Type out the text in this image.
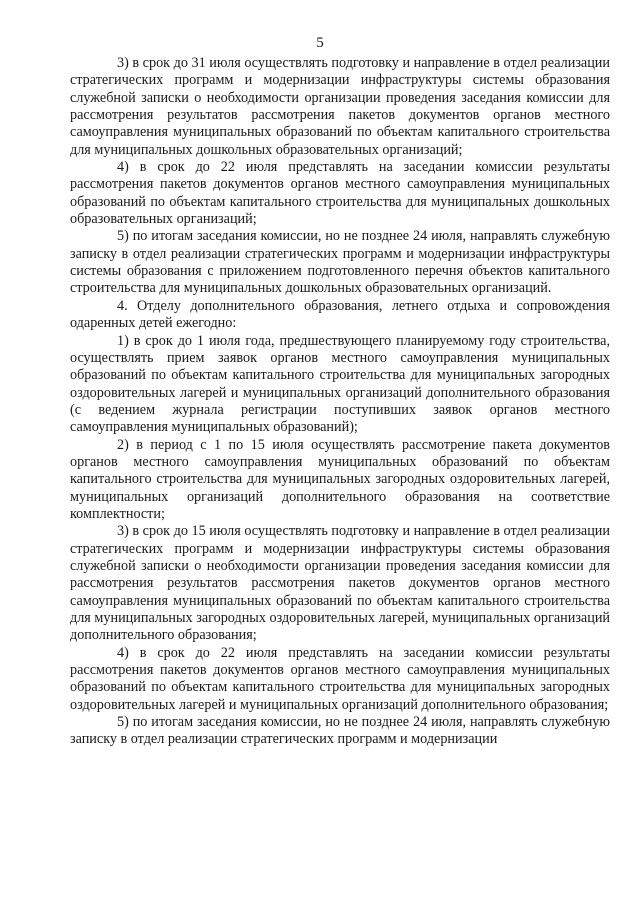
5

3) в срок до 31 июля осуществлять подготовку и направление в отдел реализации стратегических программ и модернизации инфраструктуры системы образования служебной записки о необходимости организации проведения заседания комиссии для рассмотрения результатов рассмотрения пакетов документов органов местного самоуправления муниципальных образований по объектам капитального строительства для муниципальных дошкольных образовательных организаций;

4) в срок до 22 июля представлять на заседании комиссии результаты рассмотрения пакетов документов органов местного самоуправления муниципальных образований по объектам капитального строительства для муниципальных дошкольных образовательных организаций;

5) по итогам заседания комиссии, но не позднее 24 июля, направлять служебную записку в отдел реализации стратегических программ и модернизации инфраструктуры системы образования с приложением подготовленного перечня объектов капитального строительства для муниципальных дошкольных образовательных организаций.

4. Отделу дополнительного образования, летнего отдыха и сопровождения одаренных детей ежегодно:

1) в срок до 1 июля года, предшествующего планируемому году строительства, осуществлять прием заявок органов местного самоуправления муниципальных образований по объектам капитального строительства для муниципальных загородных оздоровительных лагерей и муниципальных организаций дополнительного образования (с ведением журнала регистрации поступивших заявок органов местного самоуправления муниципальных образований);

2) в период с 1 по 15 июля осуществлять рассмотрение пакета документов органов местного самоуправления муниципальных образований по объектам капитального строительства для муниципальных загородных оздоровительных лагерей, муниципальных организаций дополнительного образования на соответствие комплектности;

3) в срок до 15 июля осуществлять подготовку и направление в отдел реализации стратегических программ и модернизации инфраструктуры системы образования служебной записки о необходимости организации проведения заседания комиссии для рассмотрения результатов рассмотрения пакетов документов органов местного самоуправления муниципальных образований по объектам капитального строительства для муниципальных загородных оздоровительных лагерей, муниципальных организаций дополнительного образования;

4) в срок до 22 июля представлять на заседании комиссии результаты рассмотрения пакетов документов органов местного самоуправления муниципальных образований по объектам капитального строительства для муниципальных загородных оздоровительных лагерей и муниципальных организаций дополнительного образования;

5) по итогам заседания комиссии, но не позднее 24 июля, направлять служебную записку в отдел реализации стратегических программ и модернизации
